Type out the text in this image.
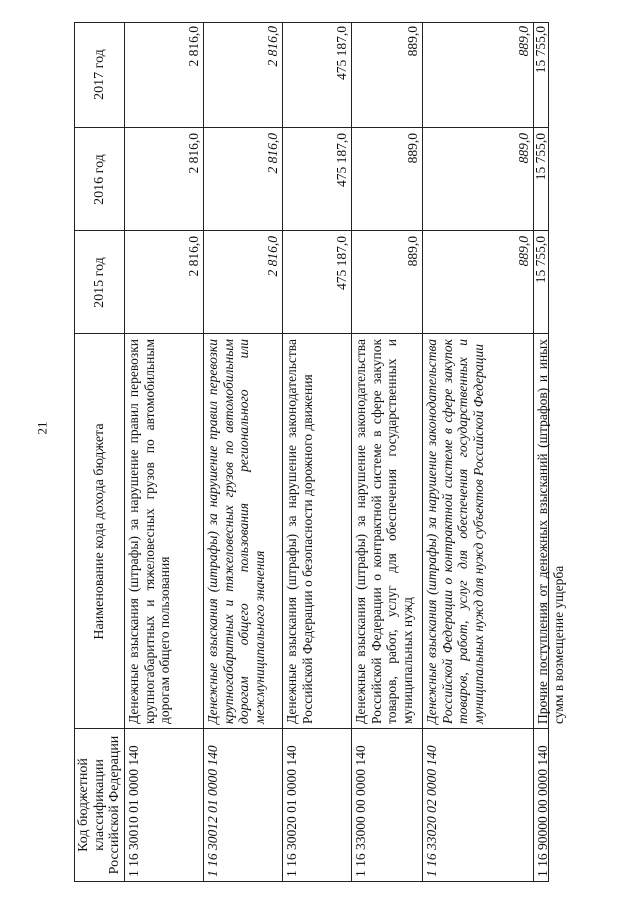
21
Код бюджетной классификации Российской Федерации
Наименование кода дохода бюджета
2015 год
2016 год
2017 год
1 16 30010 01 0000 140
Денежные взыскания (штрафы) за нарушение правил перевозки крупногабаритных и тяжеловесных грузов по автомобильным дорогам общего пользования
2 816,0
2 816,0
2 816,0
1 16 30012 01 0000 140
Денежные взыскания (штрафы) за нарушение правил перевозки крупногабаритных и тяжеловесных грузов по автомобильным дорогам общего пользования регионального или межмуниципального значения
2 816,0
2 816,0
2 816,0
1 16 30020 01 0000 140
Денежные взыскания (штрафы) за нарушение законодательства Российской Федерации о безопасности дорожного движения
475 187,0
475 187,0
475 187,0
1 16 33000 00 0000 140
Денежные взыскания (штрафы) за нарушение законодательства Российской Федерации о контрактной системе в сфере закупок товаров, работ, услуг для обеспечения государственных и муниципальных нужд
889,0
889,0
889,0
1 16 33020 02 0000 140
Денежные взыскания (штрафы) за нарушение законодательства Российской Федерации о контрактной системе в сфере закупок товаров, работ, услуг для обеспечения государственных и муниципальных нужд для нужд субъектов Российской Федерации
889,0
889,0
889,0
1 16 90000 00 0000 140
Прочие поступления от денежных взысканий (штрафов) и иных сумм в возмещение ущерба
15 755,0
15 755,0
15 755,0
